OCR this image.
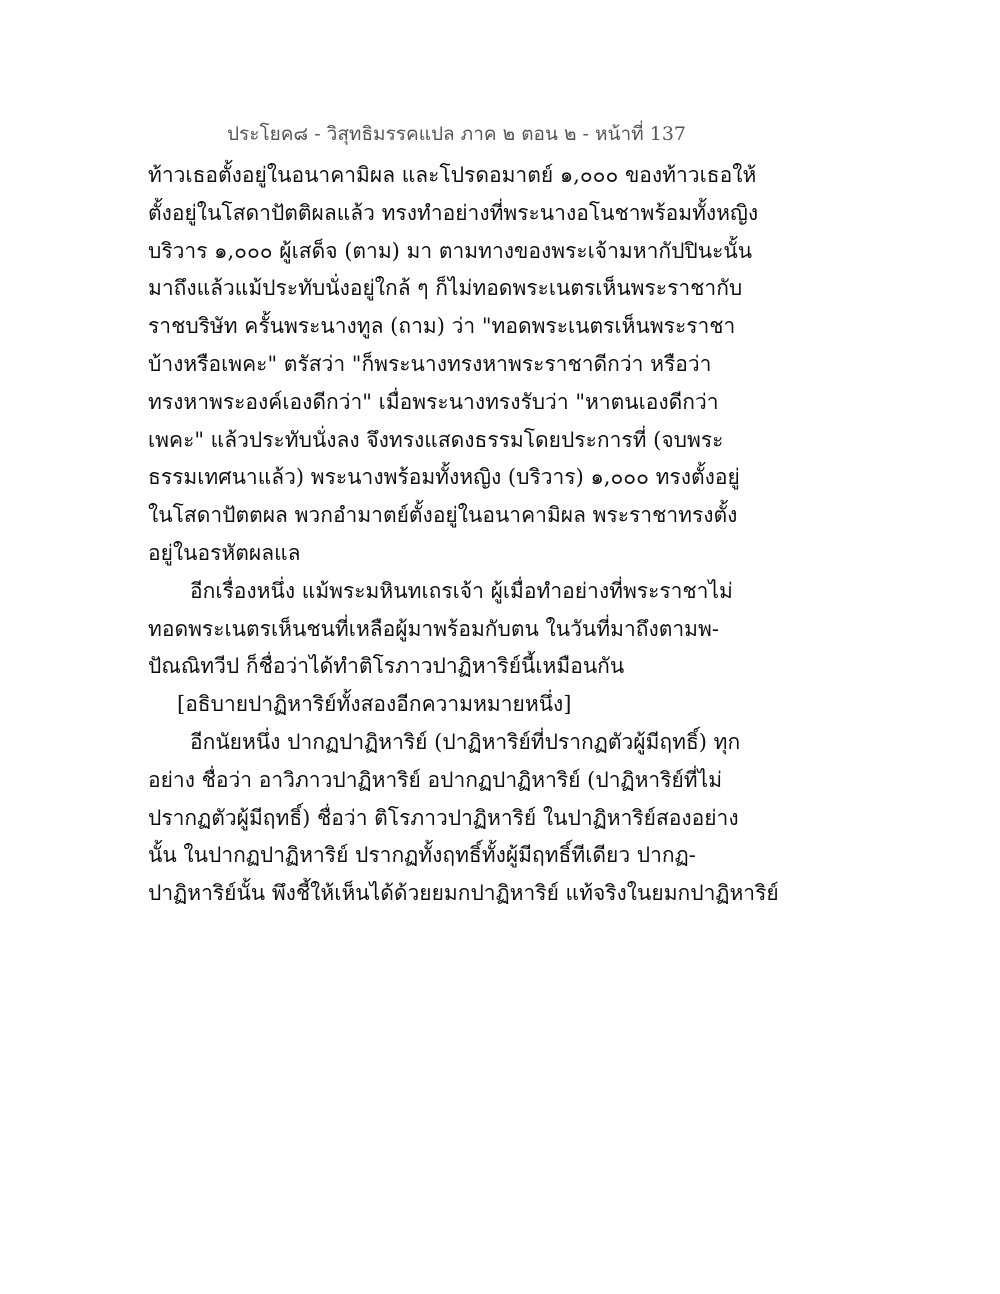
ประโยค๘ - วิสุทธิมรรคแปล ภาค ๒ ตอน ๒ - หน้าที่ 137
ท้าวเธอตั้งอยู่ในอนาคามิผล และโปรดอมาตย์ ๑,๐๐๐ ของท้าวเธอให้
ตั้งอยู่ในโสดาปัตติผลแล้ว ทรงทำอย่างที่พระนางอโนชาพร้อมทั้งหญิง
บริวาร ๑,๐๐๐ ผู้เสด็จ (ตาม) มา ตามทางของพระเจ้ามหากัปปินะนั้น
มาถึงแล้วแม้ประทับนั่งอยู่ใกล้ ๆ ก็ไม่ทอดพระเนตรเห็นพระราชากับ
ราชบริษัท ครั้นพระนางทูล (ถาม) ว่า "ทอดพระเนตรเห็นพระราชา
บ้างหรือเพคะ" ตรัสว่า "ก็พระนางทรงหาพระราชาดีกว่า หรือว่า
ทรงหาพระองค์เองดีกว่า" เมื่อพระนางทรงรับว่า "หาตนเองดีกว่า
เพคะ" แล้วประทับนั่งลง จึงทรงแสดงธรรมโดยประการที่ (จบพระ
ธรรมเทศนาแล้ว) พระนางพร้อมทั้งหญิง (บริวาร) ๑,๐๐๐ ทรงตั้งอยู่
ในโสดาปัตตผล พวกอำมาตย์ตั้งอยู่ในอนาคามิผล พระราชาทรงตั้ง
อยู่ในอรหัตผลแล
อีกเรื่องหนึ่ง แม้พระมหินทเถรเจ้า ผู้เมื่อทำอย่างที่พระราชาไม่
ทอดพระเนตรเห็นชนที่เหลือผู้มาพร้อมกับตน ในวันที่มาถึงตามพ-
ปัณณิทวีป ก็ชื่อว่าได้ทำติโรภาวปาฏิหาริย์นี้เหมือนกัน
[อธิบายปาฏิหาริย์ทั้งสองอีกความหมายหนึ่ง]
อีกนัยหนึ่ง ปากฏปาฏิหาริย์ (ปาฏิหาริย์ที่ปรากฏตัวผู้มีฤทธิ์) ทุก
อย่าง ชื่อว่า อาวิภาวปาฏิหาริย์ อปากฏปาฏิหาริย์ (ปาฏิหาริย์ที่ไม่
ปรากฏตัวผู้มีฤทธิ์) ชื่อว่า ติโรภาวปาฏิหาริย์ ในปาฏิหาริย์สองอย่าง
นั้น ในปากฏปาฏิหาริย์ ปรากฏทั้งฤทธิ์ทั้งผู้มีฤทธิ์ทีเดียว ปากฏ-
ปาฏิหาริย์นั้น พึงชี้ให้เห็นได้ด้วยยมกปาฏิหาริย์ แท้จริงในยมกปาฏิหาริย์
